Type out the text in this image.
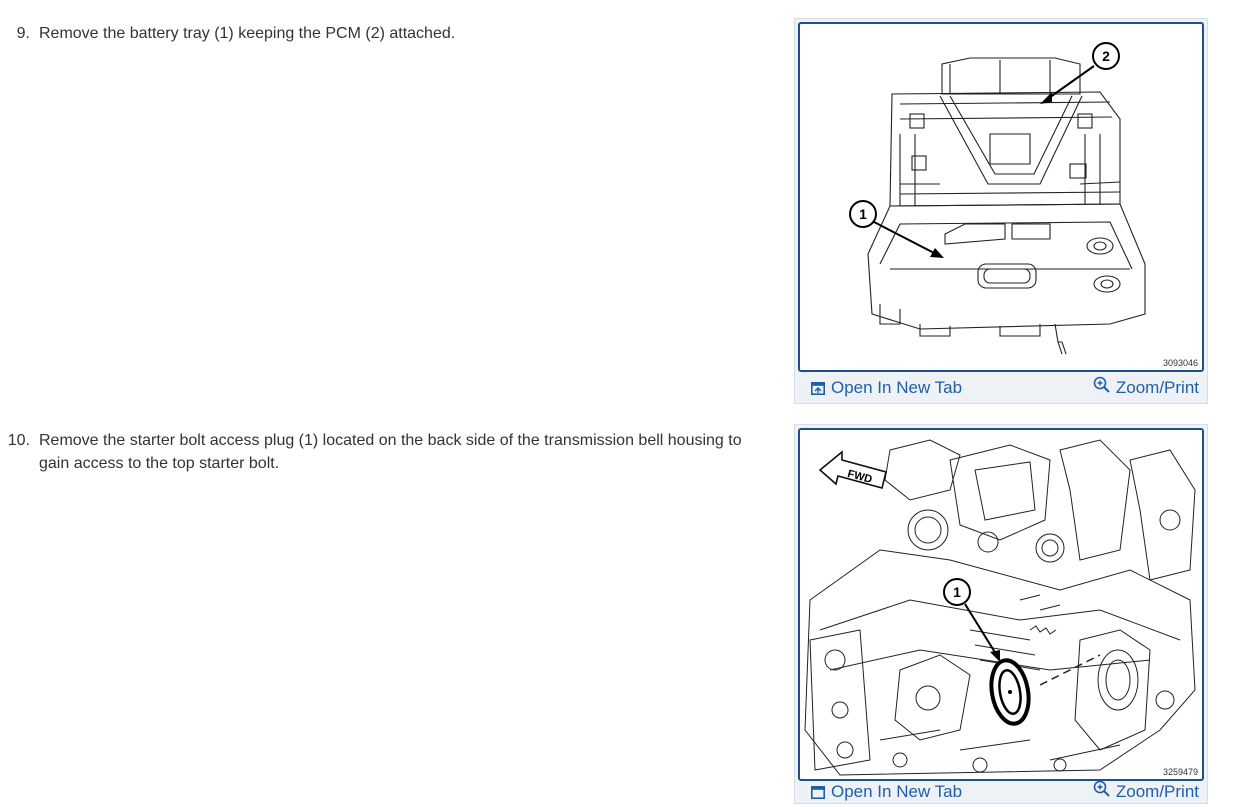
9. Remove the battery tray (1) keeping the PCM (2) attached.
10. Remove the starter bolt access plug (1) located on the back side of the transmission bell housing to gain access to the top starter bolt.
2
1
3093046
Open In New Tab	Zoom/Print
FWD
1
3259479
Open In New Tab	Zoom/Print
